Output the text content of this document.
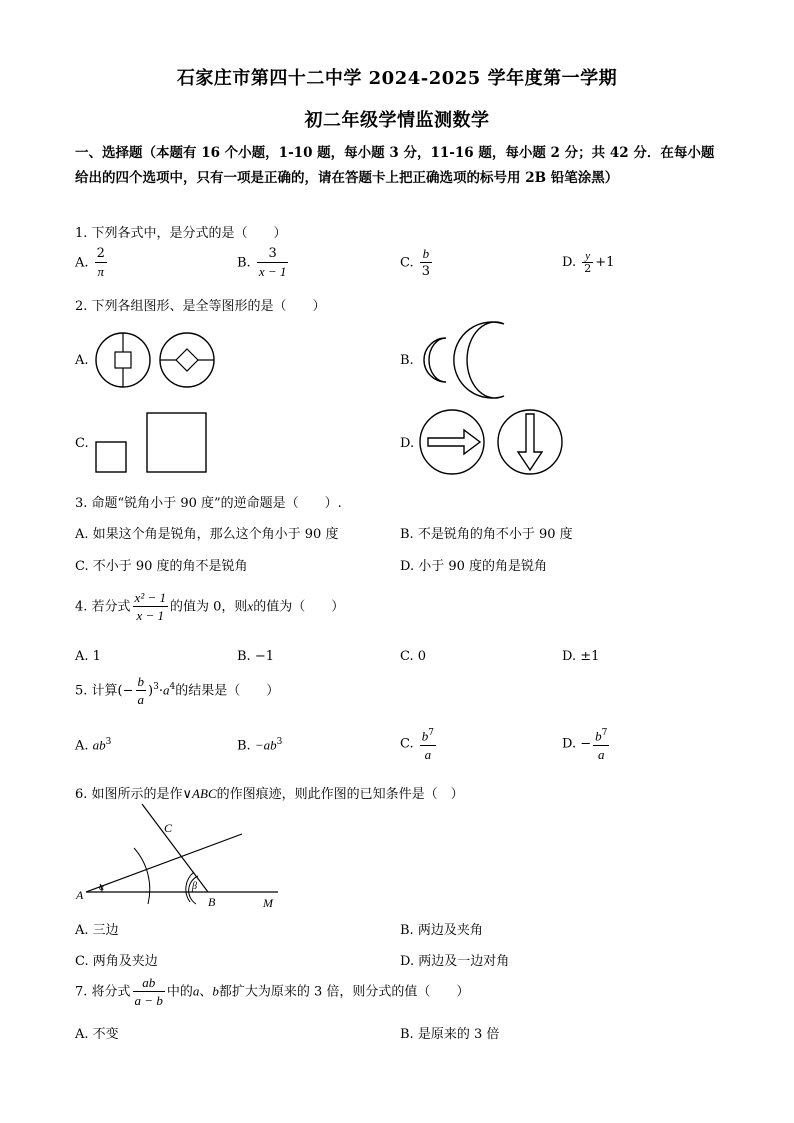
石家庄市第四十二中学 2024-2025 学年度第一学期
初二年级学情监测数学
一、选择题（本题有 16 个小题，1-10 题，每小题 3 分，11-16 题，每小题 2 分；共 42 分．在每小题给出的四个选项中，只有一项是正确的，请在答题卡上把正确选项的标号用 2B 铅笔涂黑）
1. 下列各式中，是分式的是（　　）
A. $\frac{2}{\pi}$	B. $\frac{3}{x - 1}$	C. $\frac{b}{3}$	D. $\frac{y}{2} +1$
2. 下列各组图形、是全等图形的是（　　）
A.	B.
C.	D.
3. 命题“锐角小于 90 度”的逆命题是（　　）.
A. 如果这个角是锐角，那么这个角小于 90 度	B. 不是锐角的角不小于 90 度
C. 不小于 90 度的角不是锐角	D. 小于 90 度的角是锐角
4. 若分式 $\frac{\text{x² − 1}}{x - 1}$ 的值为 0，则x的值为（　　）
A. 1	B. −1	C. 0	D. ±1
5. 计算(− $\frac{b}{a} )^3\cdot a^4$的结果是（　　）
A. $ab^3$	B. $-ab^3$	C. $\frac{b^7}{a}$	D. − $\frac{b^7}{a}$
6. 如图所示的是作∨ABC的作图痕迹，则此作图的已知条件是（　）
A	B
C
M
α	β
A. 三边	B. 两边及夹角
C. 两角及夹边	D. 两边及一边对角
7. 将分式 $\frac{ab}{a - b}$ 中的a、b都扩大为原来的 3 倍，则分式的值（　　）
A. 不变	B. 是原来的 3 倍
